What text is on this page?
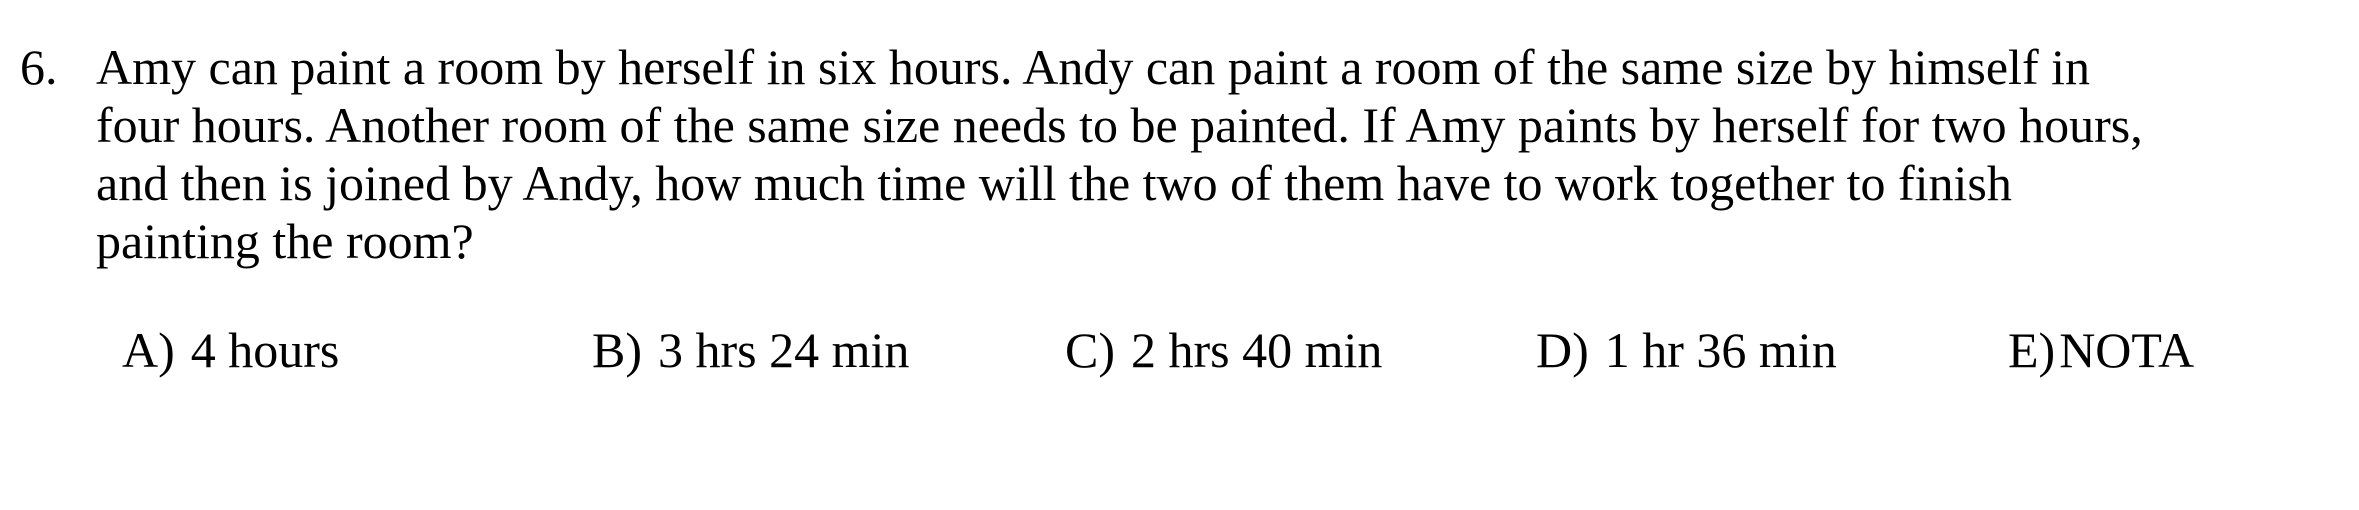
6. Amy can paint a room by herself in six hours. Andy can paint a room of the same size by himself in
four hours. Another room of the same size needs to be painted. If Amy paints by herself for two hours,
and then is joined by Andy, how much time will the two of them have to work together to finish
painting the room?
A) 4 hours	B) 3 hrs 24 min	C) 2 hrs 40 min	D) 1 hr 36 min	E)NOTA
